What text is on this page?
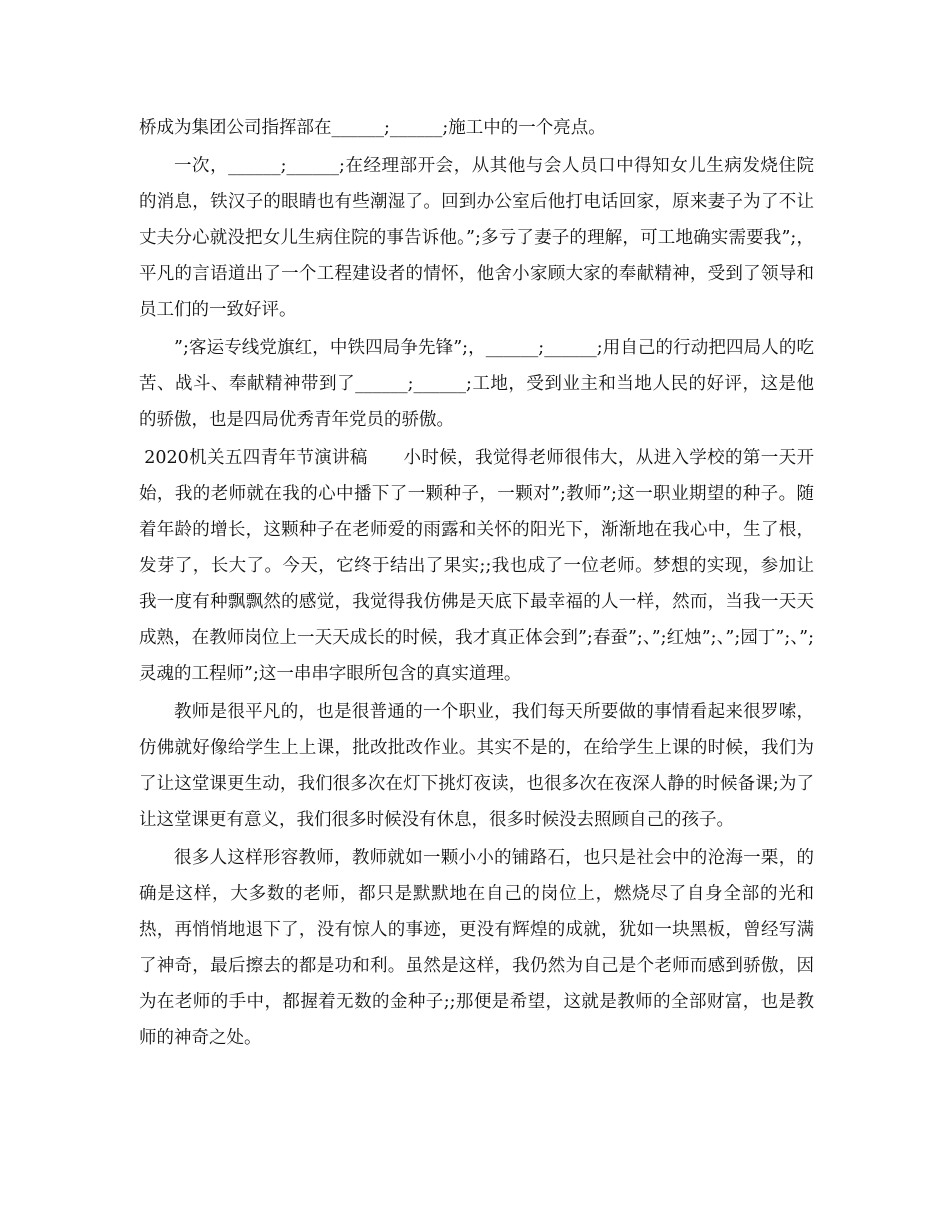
桥成为集团公司指挥部在______;______;施工中的一个亮点。

一次，______;______;在经理部开会，从其他与会人员口中得知女儿生病发烧住院的消息，铁汉子的眼睛也有些潮湿了。回到办公室后他打电话回家，原来妻子为了不让丈夫分心就没把女儿生病住院的事告诉他。”;多亏了妻子的理解，可工地确实需要我”;，平凡的言语道出了一个工程建设者的情怀，他舍小家顾大家的奉献精神，受到了领导和员工们的一致好评。

”;客运专线党旗红，中铁四局争先锋”;，______;______;用自己的行动把四局人的吃苦、战斗、奉献精神带到了______;______;工地，受到业主和当地人民的好评，这是他的骄傲，也是四局优秀青年党员的骄傲。

2020机关五四青年节演讲稿　　小时候，我觉得老师很伟大，从进入学校的第一天开始，我的老师就在我的心中播下了一颗种子，一颗对”;教师”;这一职业期望的种子。随着年龄的增长，这颗种子在老师爱的雨露和关怀的阳光下，渐渐地在我心中，生了根，发芽了，长大了。今天，它终于结出了果实;;我也成了一位老师。梦想的实现，参加让我一度有种飘飘然的感觉，我觉得我仿佛是天底下最幸福的人一样，然而，当我一天天成熟，在教师岗位上一天天成长的时候，我才真正体会到”;春蚕”;、”;红烛”;、”;园丁”;、”;灵魂的工程师”;这一串串字眼所包含的真实道理。

教师是很平凡的，也是很普通的一个职业，我们每天所要做的事情看起来很罗嗦，仿佛就好像给学生上上课，批改批改作业。其实不是的，在给学生上课的时候，我们为了让这堂课更生动，我们很多次在灯下挑灯夜读，也很多次在夜深人静的时候备课;为了让这堂课更有意义，我们很多时候没有休息，很多时候没去照顾自己的孩子。

很多人这样形容教师，教师就如一颗小小的铺路石，也只是社会中的沧海一栗，的确是这样，大多数的老师，都只是默默地在自己的岗位上，燃烧尽了自身全部的光和热，再悄悄地退下了，没有惊人的事迹，更没有辉煌的成就，犹如一块黑板，曾经写满了神奇，最后擦去的都是功和利。虽然是这样，我仍然为自己是个老师而感到骄傲，因为在老师的手中，都握着无数的金种子;;那便是希望，这就是教师的全部财富，也是教师的神奇之处。
